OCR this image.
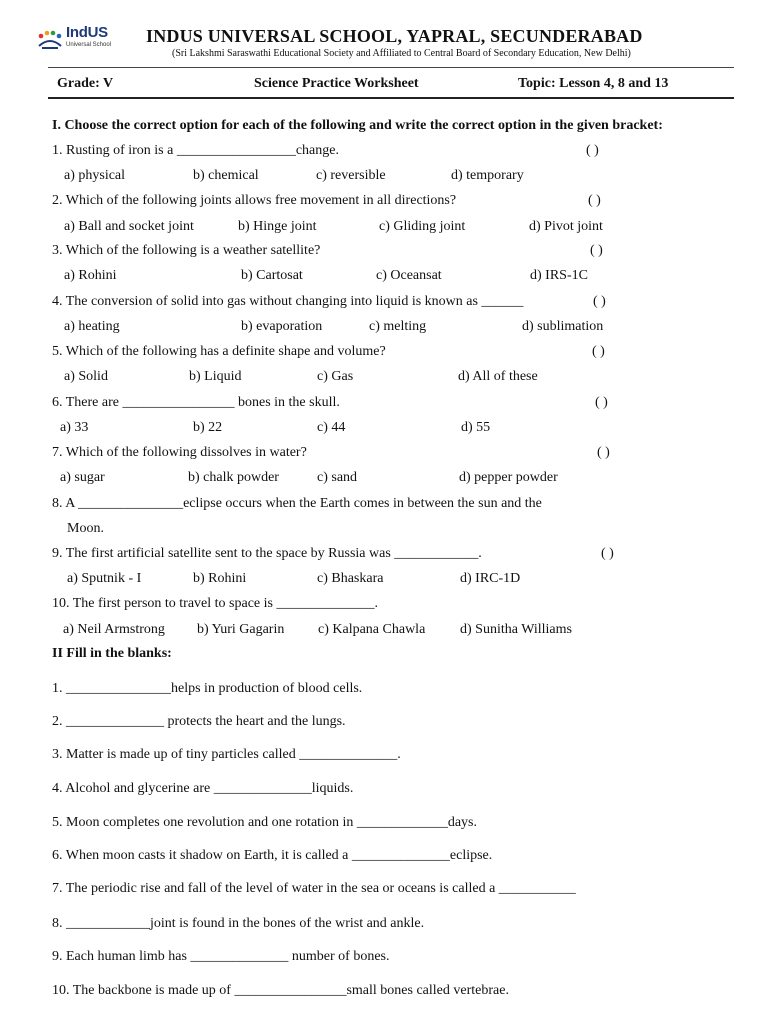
IndUS
Universal School INDUS UNIVERSAL SCHOOL, YAPRAL, SECUNDERABAD
(Sri Lakshmi Saraswathi Educational Society and Affiliated to Central Board of Secondary Education, New Delhi)
Grade: V	Science Practice Worksheet	Topic: Lesson 4, 8 and 13
I. Choose the correct option for each of the following and write the correct option in the given bracket:
1. Rusting of iron is a _________________change.	( )
a) physical	b) chemical	c) reversible	d) temporary
2. Which of the following joints allows free movement in all directions?	( )
a) Ball and socket joint	b) Hinge joint	c) Gliding joint	d) Pivot joint
3. Which of the following is a weather satellite?	( )
a) Rohini	b) Cartosat	c) Oceansat	d) IRS-1C
4. The conversion of solid into gas without changing into liquid is known as ______	( )
a) heating	b) evaporation	c) melting	d) sublimation
5. Which of the following has a definite shape and volume?	( )
a) Solid	b) Liquid	c) Gas	d) All of these
6. There are ________________ bones in the skull.	( )
a) 33	b) 22	c) 44	d) 55
7. Which of the following dissolves in water?	( )
a) sugar	b) chalk powder	c) sand	d) pepper powder
8. A _______________eclipse occurs when the Earth comes in between the sun and the
Moon.
9. The first artificial satellite sent to the space by Russia was ____________.	( )
a) Sputnik - I	b) Rohini	c) Bhaskara	d) IRC-1D
10. The first person to travel to space is ______________.
a) Neil Armstrong b) Yuri Gagarin c) Kalpana Chawla d) Sunitha Williams
II Fill in the blanks:
1. _______________helps in production of blood cells.
2. ______________ protects the heart and the lungs.
3. Matter is made up of tiny particles called ______________.
4. Alcohol and glycerine are ______________liquids.
5. Moon completes one revolution and one rotation in _____________days.
6. When moon casts it shadow on Earth, it is called a ______________eclipse.
7. The periodic rise and fall of the level of water in the sea or oceans is called a ___________
8. ____________joint is found in the bones of the wrist and ankle.
9. Each human limb has ______________ number of bones.
10. The backbone is made up of ________________small bones called vertebrae.
